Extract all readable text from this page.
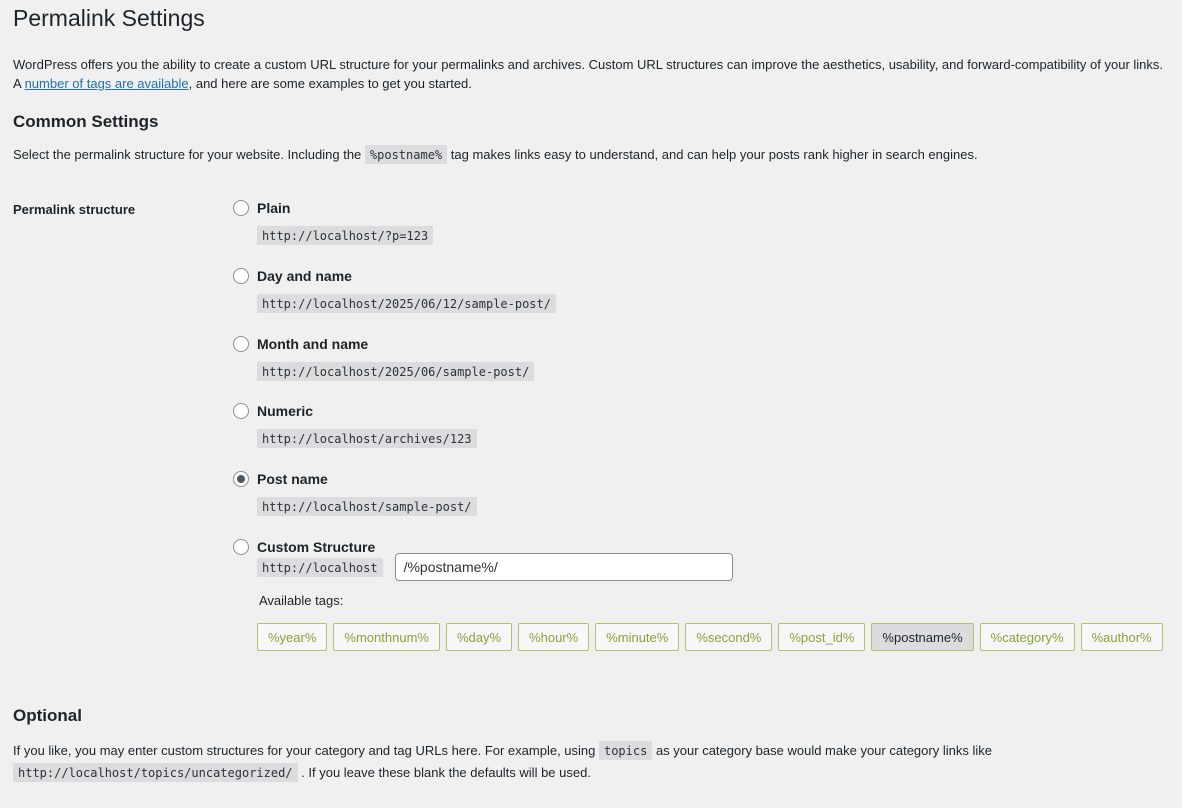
Permalink Settings

WordPress offers you the ability to create a custom URL structure for your permalinks and archives. Custom URL structures can improve the aesthetics, usability, and forward-compatibility of your links. A number of tags are available, and here are some examples to get you started.

Common Settings

Select the permalink structure for your website. Including the %postname% tag makes links easy to understand, and can help your posts rank higher in search engines.

Permalink structure	Plain
http://localhost/?p=123
Day and name
http://localhost/2025/06/12/sample-post/
Month and name
http://localhost/2025/06/sample-post/
Numeric
http://localhost/archives/123
Post name
http://localhost/sample-post/
Custom Structure
http://localhost	/%postname%/
Available tags:
%year%	%monthnum%	%day%	%hour%	%minute%	%second%	%post_id%	%postname%	%category%	%author%
Optional
If you like, you may enter custom structures for your category and tag URLs here. For example, using topics as your category base would make your category links like
http://localhost/topics/uncategorized/ . If you leave these blank the defaults will be used.
